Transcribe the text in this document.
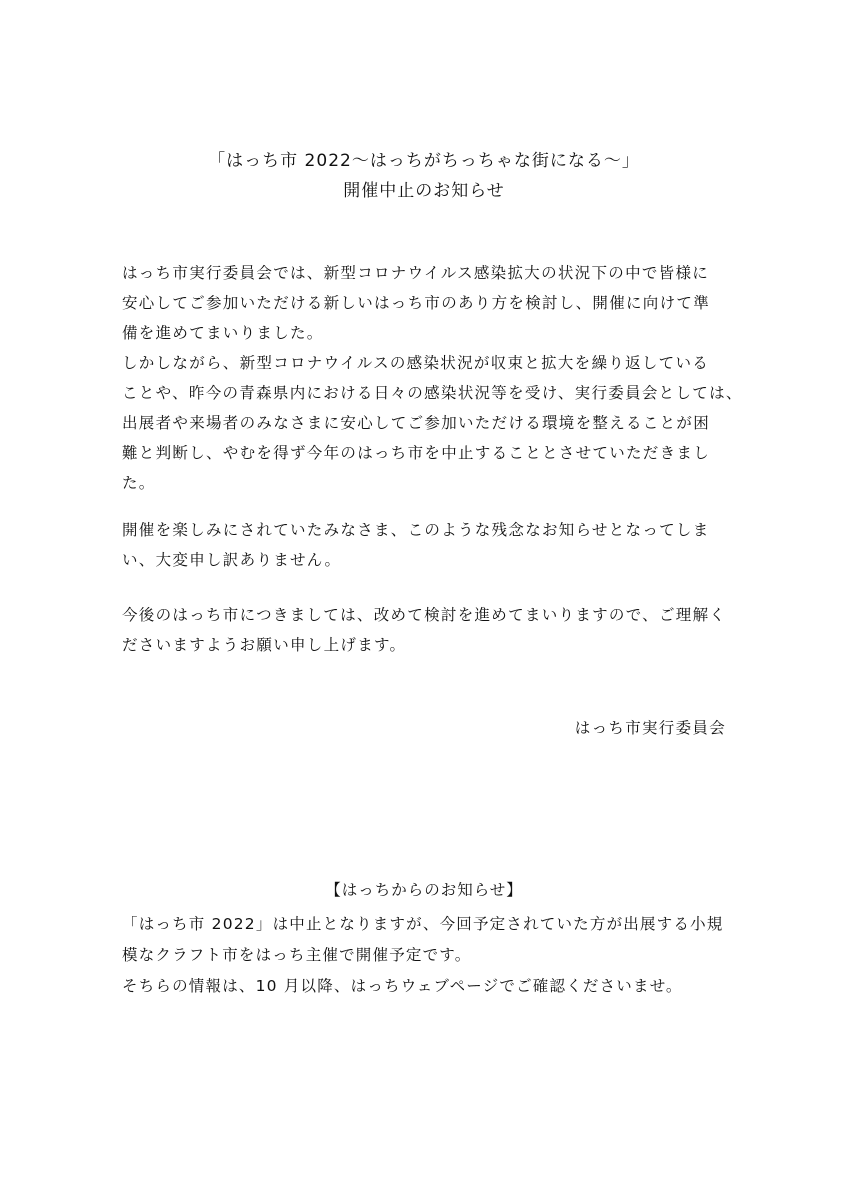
「はっち市 2022～はっちがちっちゃな街になる～」
開催中止のお知らせ
はっち市実行委員会では、新型コロナウイルス感染拡大の状況下の中で皆様に
安心してご参加いただける新しいはっち市のあり方を検討し、開催に向けて準
備を進めてまいりました。
しかしながら、新型コロナウイルスの感染状況が収束と拡大を繰り返している
ことや、昨今の青森県内における日々の感染状況等を受け、実行委員会としては、
出展者や来場者のみなさまに安心してご参加いただける環境を整えることが困
難と判断し、やむを得ず今年のはっち市を中止することとさせていただきまし
た。
開催を楽しみにされていたみなさま、このような残念なお知らせとなってしま
い、大変申し訳ありません。
今後のはっち市につきましては、改めて検討を進めてまいりますので、ご理解く
ださいますようお願い申し上げます。
はっち市実行委員会
【はっちからのお知らせ】
「はっち市 2022」は中止となりますが、今回予定されていた方が出展する小規
模なクラフト市をはっち主催で開催予定です。
そちらの情報は、10 月以降、はっちウェブページでご確認くださいませ。
